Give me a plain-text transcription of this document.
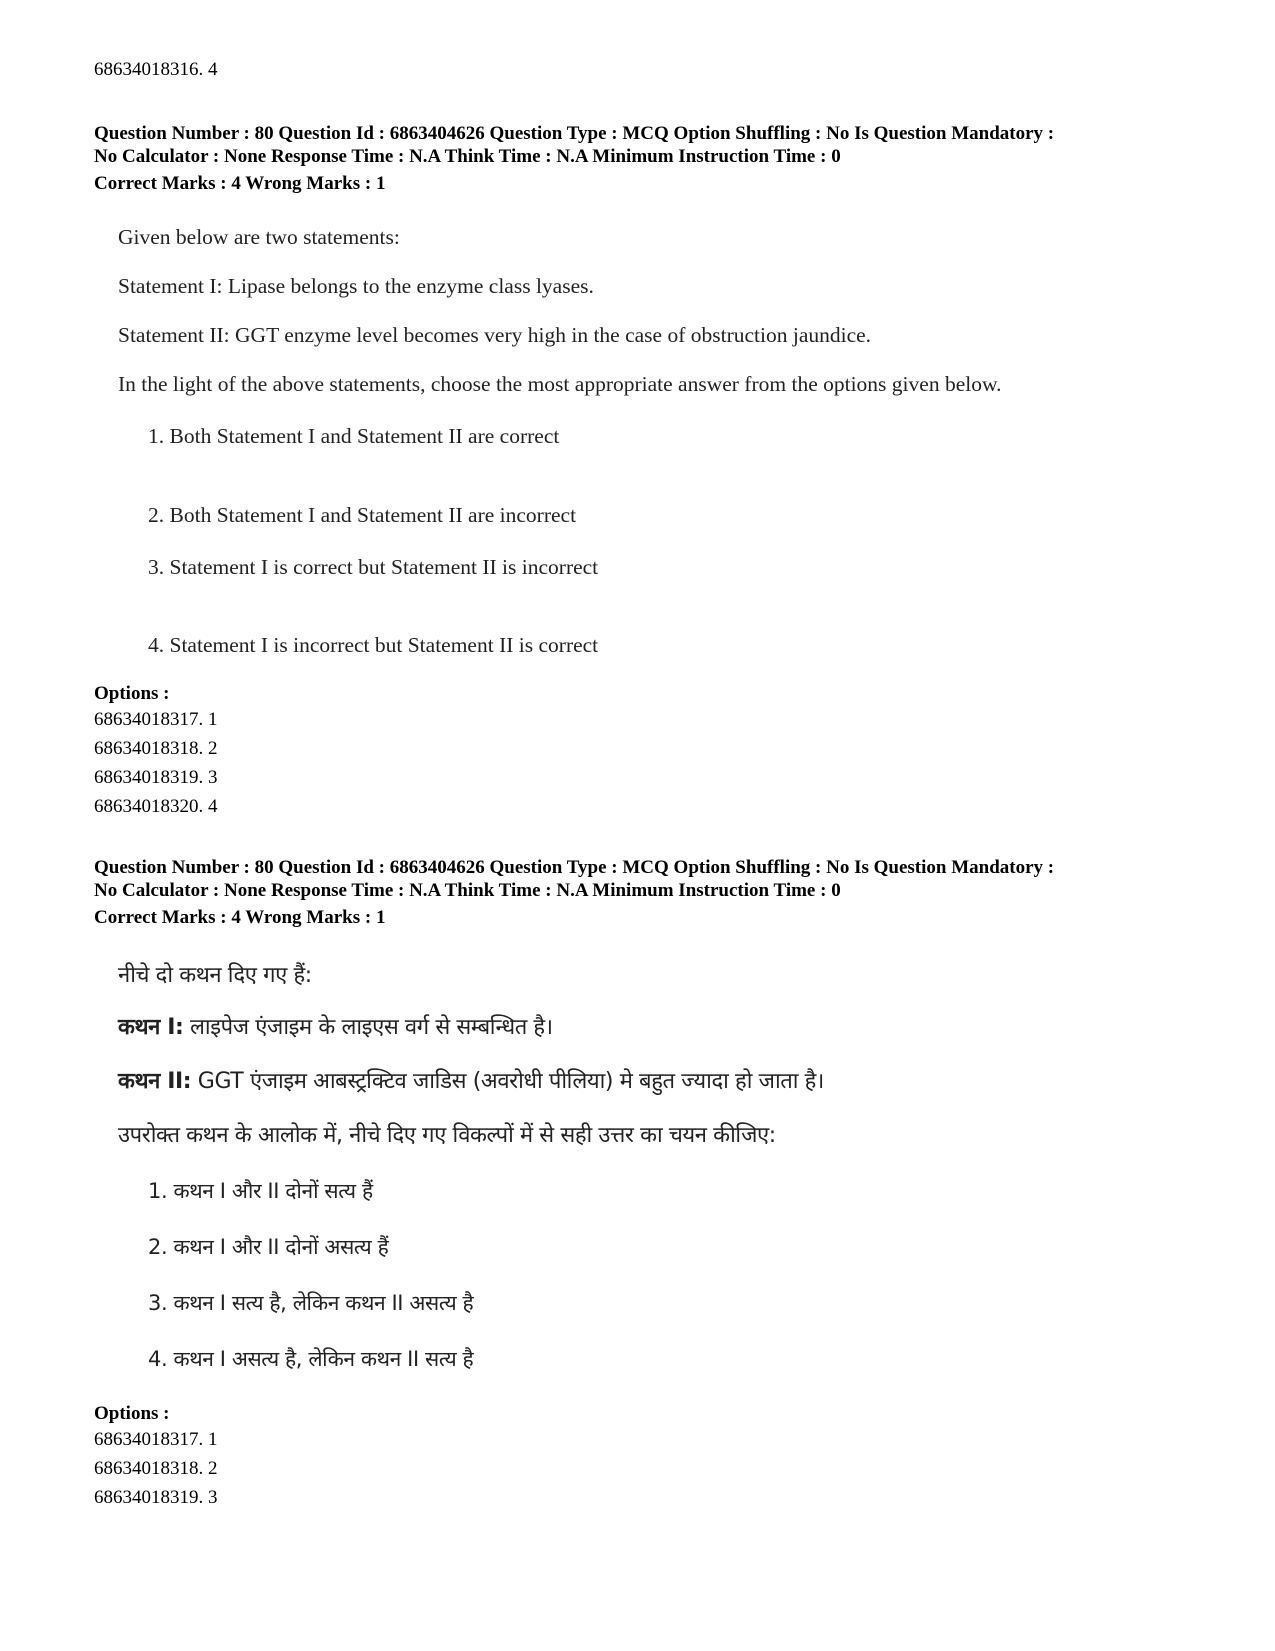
68634018316. 4
Question Number : 80 Question Id : 6863404626 Question Type : MCQ Option Shuffling : No Is Question Mandatory :
No Calculator : None Response Time : N.A Think Time : N.A Minimum Instruction Time : 0
Correct Marks : 4 Wrong Marks : 1
Given below are two statements:
Statement I: Lipase belongs to the enzyme class lyases.
Statement II: GGT enzyme level becomes very high in the case of obstruction jaundice.
In the light of the above statements, choose the most appropriate answer from the options given below.
1. Both Statement I and Statement II are correct
2. Both Statement I and Statement II are incorrect
3. Statement I is correct but Statement II is incorrect
4. Statement I is incorrect but Statement II is correct
Options :
68634018317. 1
68634018318. 2
68634018319. 3
68634018320. 4
Question Number : 80 Question Id : 6863404626 Question Type : MCQ Option Shuffling : No Is Question Mandatory :
No Calculator : None Response Time : N.A Think Time : N.A Minimum Instruction Time : 0
Correct Marks : 4 Wrong Marks : 1
नीचे दो कथन दिए गए हैं:
कथन I: लाइपेज एंजाइम के लाइएस वर्ग से सम्बन्धित है।
कथन II: GGT एंजाइम आबस्ट्रक्टिव जाडिस (अवरोधी पीलिया) मे बहुत ज्यादा हो जाता है।
उपरोक्त कथन के आलोक में, नीचे दिए गए विकल्पों में से सही उत्तर का चयन कीजिए:
1. कथन I और II दोनों सत्य हैं
2. कथन I और II दोनों असत्य हैं
3. कथन I सत्य है, लेकिन कथन II असत्य है
4. कथन I असत्य है, लेकिन कथन II सत्य है
Options :
68634018317. 1
68634018318. 2
68634018319. 3
